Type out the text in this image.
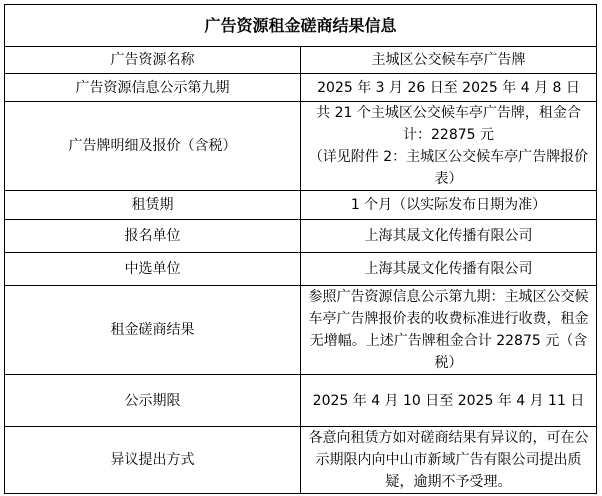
广告资源租金磋商结果信息	
广告资源名称	主城区公交候车亭广告牌
广告资源信息公示第九期	2025 年 3 月 26 日至 2025 年 4 月 8 日
广告牌明细及报价（含税）	共 21 个主城区公交候车亭广告牌，租金合计：22875 元
（详见附件 2：主城区公交候车亭广告牌报价表）

租赁期	1 个月（以实际发布日期为准）
报名单位	上海其晟文化传播有限公司
中选单位	上海其晟文化传播有限公司
租金磋商结果	参照广告资源信息公示第九期：主城区公交候车亭广告牌报价表的收费标准进行收费，租金无增幅。上述广告牌租金合计 22875 元（含税）
公示期限	2025 年 4 月 10 日至 2025 年 4 月 11 日
异议提出方式	各意向租赁方如对磋商结果有异议的，可在公示期限内向中山市新域广告有限公司提出质疑，逾期不予受理。
